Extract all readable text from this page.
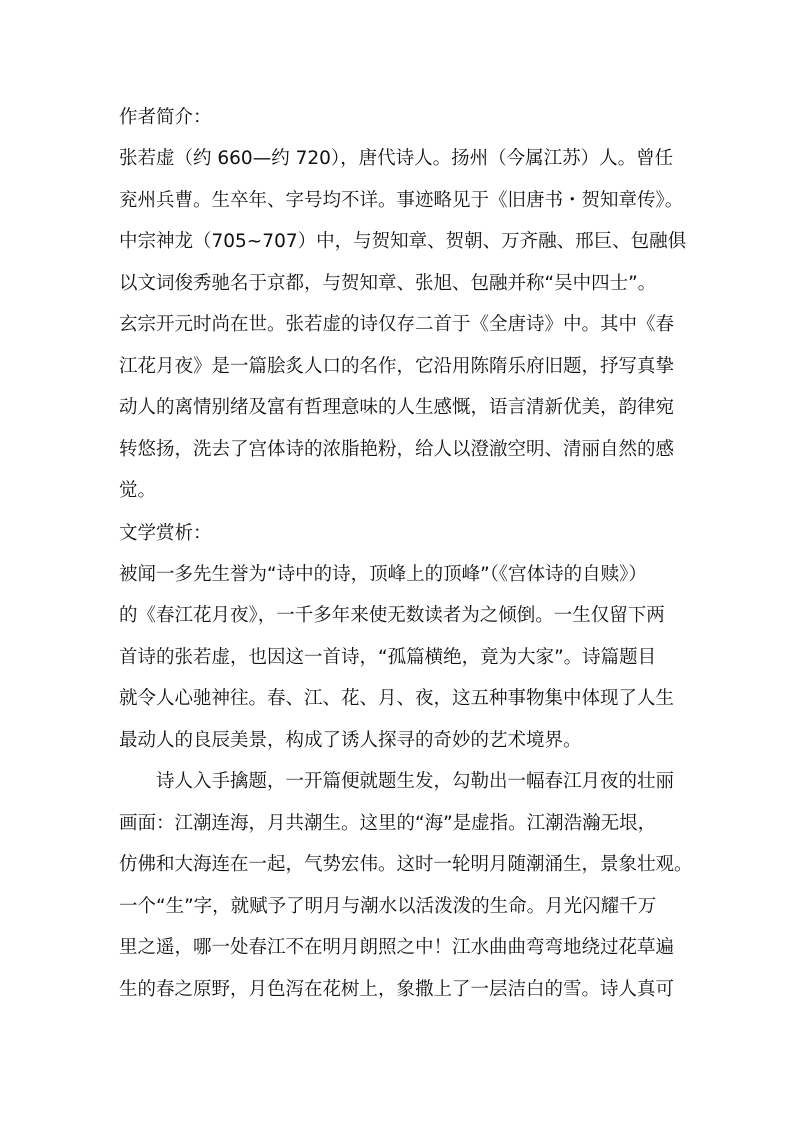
作者简介：
张若虚（约 660—约 720），唐代诗人。扬州（今属江苏）人。曾任
兖州兵曹。生卒年、字号均不详。事迹略见于《旧唐书・贺知章传》。
中宗神龙（705~707）中，与贺知章、贺朝、万齐融、邢巨、包融俱
以文词俊秀驰名于京都，与贺知章、张旭、包融并称“吴中四士”。
玄宗开元时尚在世。张若虚的诗仅存二首于《全唐诗》中。其中《春
江花月夜》是一篇脍炙人口的名作，它沿用陈隋乐府旧题，抒写真挚
动人的离情别绪及富有哲理意味的人生感慨，语言清新优美，韵律宛
转悠扬，洗去了宫体诗的浓脂艳粉，给人以澄澈空明、清丽自然的感
觉。
文学赏析：
被闻一多先生誉为“诗中的诗，顶峰上的顶峰”（《宫体诗的自赎》）
的《春江花月夜》，一千多年来使无数读者为之倾倒。一生仅留下两
首诗的张若虚，也因这一首诗，“孤篇横绝，竟为大家”。诗篇题目
就令人心驰神往。春、江、花、月、夜，这五种事物集中体现了人生
最动人的良辰美景，构成了诱人探寻的奇妙的艺术境界。
诗人入手擒题，一开篇便就题生发，勾勒出一幅春江月夜的壮丽
画面：江潮连海，月共潮生。这里的“海”是虚指。江潮浩瀚无垠，
仿佛和大海连在一起，气势宏伟。这时一轮明月随潮涌生，景象壮观。
一个“生”字，就赋予了明月与潮水以活泼泼的生命。月光闪耀千万
里之遥，哪一处春江不在明月朗照之中！江水曲曲弯弯地绕过花草遍
生的春之原野，月色泻在花树上，象撒上了一层洁白的雪。诗人真可
